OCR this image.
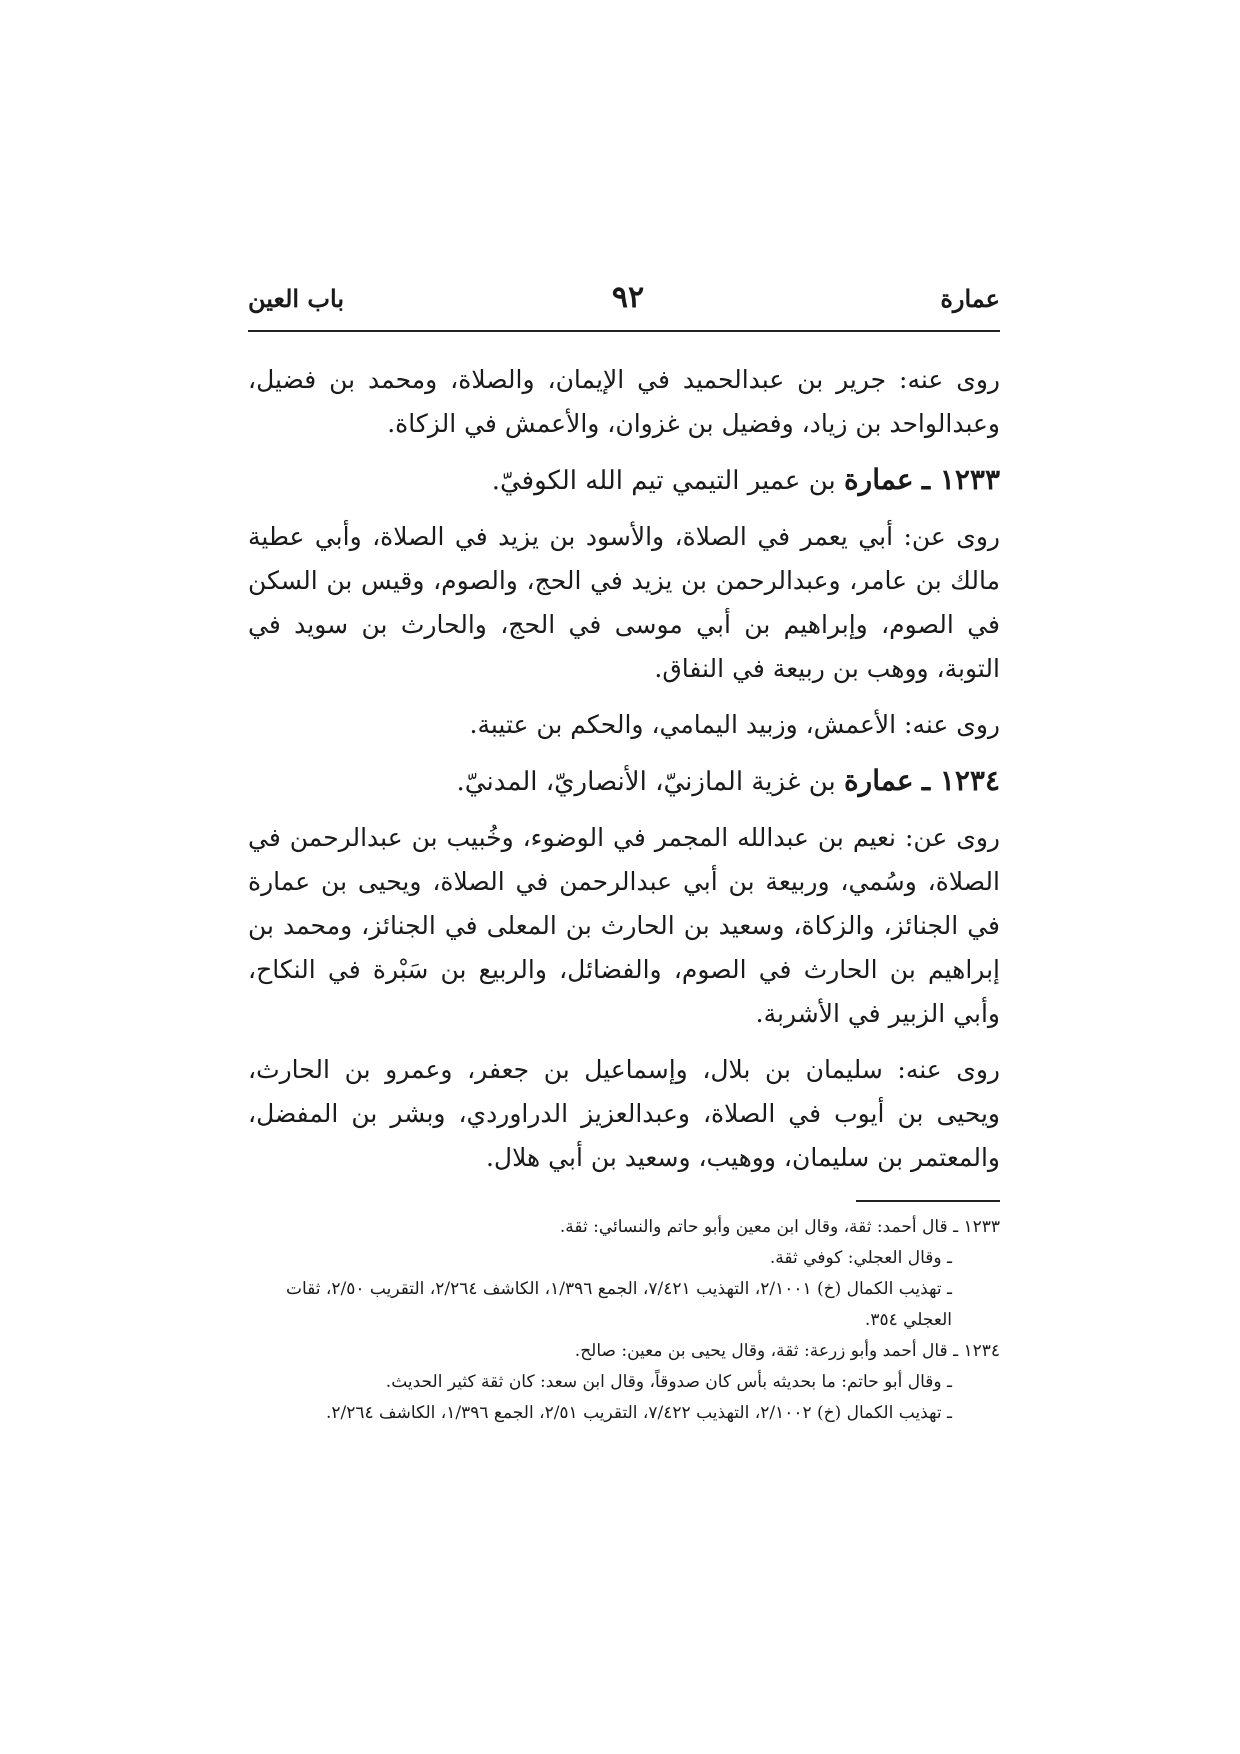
عمارة
٩٢
باب العين

روى عنه: جرير بن عبدالحميد في الإيمان، والصلاة، ومحمد بن فضيل، وعبدالواحد بن زياد، وفضيل بن غزوان، والأعمش في الزكاة.

١٢٣٣ ـ عمارة بن عمير التيمي تيم الله الكوفيّ.

روى عن: أبي يعمر في الصلاة، والأسود بن يزيد في الصلاة، وأبي عطية مالك بن عامر، وعبدالرحمن بن يزيد في الحج، والصوم، وقيس بن السكن في الصوم، وإبراهيم بن أبي موسى في الحج، والحارث بن سويد في التوبة، ووهب بن ربيعة في النفاق.

روى عنه: الأعمش، وزبيد اليمامي، والحكم بن عتيبة.

١٢٣٤ ـ عمارة بن غزية المازنيّ، الأنصاريّ، المدنيّ.

روى عن: نعيم بن عبدالله المجمر في الوضوء، وخُبيب بن عبدالرحمن في الصلاة، وسُمي، وربيعة بن أبي عبدالرحمن في الصلاة، ويحيى بن عمارة في الجنائز، والزكاة، وسعيد بن الحارث بن المعلى في الجنائز، ومحمد بن إبراهيم بن الحارث في الصوم، والفضائل، والربيع بن سَبْرة في النكاح، وأبي الزبير في الأشربة.

روى عنه: سليمان بن بلال، وإسماعيل بن جعفر، وعمرو بن الحارث، ويحيى بن أيوب في الصلاة، وعبدالعزيز الدراوردي، وبشر بن المفضل، والمعتمر بن سليمان، ووهيب، وسعيد بن أبي هلال.

١٢٣٣ ـ قال أحمد: ثقة، وقال ابن معين وأبو حاتم والنسائي: ثقة.

ـ وقال العجلي: كوفي ثقة.

ـ تهذيب الكمال (خ) ٢/١٠٠١، التهذيب ٧/٤٢١، الجمع ١/٣٩٦، الكاشف ٢/٢٦٤، التقريب ٢/٥٠، ثقات العجلي ٣٥٤.

١٢٣٤ ـ قال أحمد وأبو زرعة: ثقة، وقال يحيى بن معين: صالح.

ـ وقال أبو حاتم: ما بحديثه بأس كان صدوقاً، وقال ابن سعد: كان ثقة كثير الحديث.

ـ تهذيب الكمال (خ) ٢/١٠٠٢، التهذيب ٧/٤٢٢، التقريب ٢/٥١، الجمع ١/٣٩٦، الكاشف ٢/٢٦٤.
